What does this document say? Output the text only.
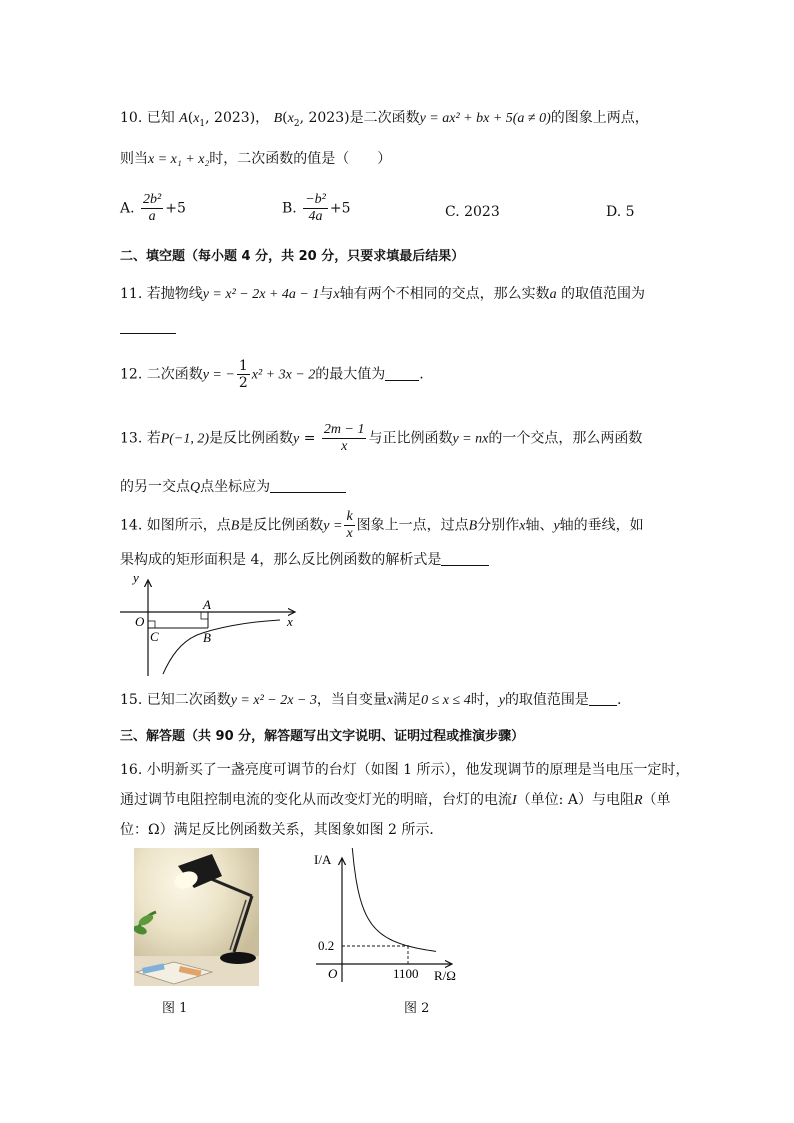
10. 已知 $A(x_1$, 2023)， $B(x_2$, 2023)是二次函数y = ax² + bx + 5(a ≠ 0)的图象上两点，
则当x = x₁ + x₂时，二次函数的值是（　　）
A. $\frac{\text{2b²}}{a} +5$	B. $\frac{\text{−b²}}{4a} +5$	C. 2023	D. 5
二、填空题（每小题 4 分，共 20 分，只要求填最后结果）
11. 若抛物线y = x² − 2x + 4a − 1与x轴有两个不相同的交点，那么实数a 的取值范围为
12. 二次函数y = − $\frac{1}{2} x^2 + 3x - 2$的最大值为 .
13. 若P(−1, 2)是反比例函数$y = \frac{2m - 1}{x}$ 与正比例函数y = nx的一个交点，那么两函数
的另一交点Q点坐标应为
14. 如图所示，点B是反比例函数$y = \frac{k}{x}$ 图象上一点，过点B分别作x轴、y轴的垂线，如
果构成的矩形面积是 4，那么反比例函数的解析式是
y
x
O
A
B
C
15. 已知二次函数y = x² − 2x − 3，当自变量x满足0 ≤ x ≤ 4时，y的取值范围是 .
三、解答题（共 90 分，解答题写出文字说明、证明过程或推演步骤）
16. 小明新买了一盏亮度可调节的台灯（如图 1 所示），他发现调节的原理是当电压一定时，
通过调节电阻控制电流的变化从而改变灯光的明暗，台灯的电流I（单位: A）与电阻R（单
位：Ω）满足反比例函数关系，其图象如图 2 所示．
图 1
I/A
R/Ω
O
0.2
1100
图 2
